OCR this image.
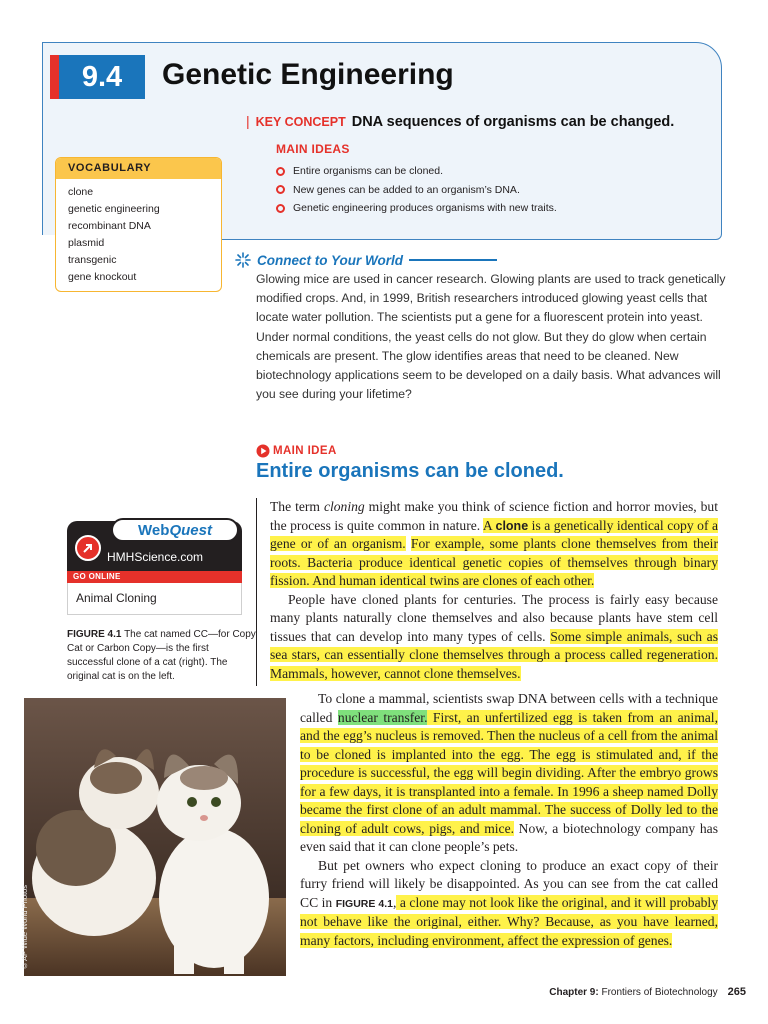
9.4	Genetic Engineering
| KEY CONCEPT DNA sequences of organisms can be changed.
MAIN IDEAS
Entire organisms can be cloned.
New genes can be added to an organism’s DNA.
Genetic engineering produces organisms with new traits.
VOCABULARY
clone
genetic engineering
recombinant DNA
plasmid
transgenic
gene knockout
Connect to Your World
Glowing mice are used in cancer research. Glowing plants are used to track genetically modified crops. And, in 1999, British researchers introduced glowing yeast cells that locate water pollution. The scientists put a gene for a fluorescent protein into yeast. Under normal conditions, the yeast cells do not glow. But they do glow when certain chemicals are present. The glow identifies areas that need to be cleaned. New biotechnology applications seem to be developed on a daily basis. What advances will you see during your lifetime?
MAIN IDEA
Entire organisms can be cloned.

The term cloning might make you think of science fiction and horror movies, but the process is quite common in nature. A clone is a genetically identical copy of a gene or of an organism. For example, some plants clone themselves from their roots. Bacteria produce identical genetic copies of themselves through binary fission. And human identical twins are clones of each other.

People have cloned plants for centuries. The process is fairly easy because many plants naturally clone themselves and also because plants have stem cell tissues that can develop into many types of cells. Some simple animals, such as sea stars, can essentially clone themselves through a process called regeneration. Mammals, however, cannot clone themselves.

To clone a mammal, scientists swap DNA between cells with a technique called nuclear transfer. First, an unfertilized egg is taken from an animal, and the egg’s nucleus is removed. Then the nucleus of a cell from the animal to be cloned is implanted into the egg. The egg is stimulated and, if the procedure is successful, the egg will begin dividing. After the embryo grows for a few days, it is transplanted into a female. In 1996 a sheep named Dolly became the first clone of an adult mammal. The success of Dolly led to the cloning of adult cows, pigs, and mice. Now, a biotechnology company has even said that it can clone people’s pets.

But pet owners who expect cloning to produce an exact copy of their furry friend will likely be disappointed. As you can see from the cat called CC in FIGURE 4.1, a clone may not look like the original, and it will probably not behave like the original, either. Why? Because, as you have learned, many factors, including environment, affect the expression of genes.

Web Quest
HMHScience.com
GO ONLINE
Animal Cloning
FIGURE 4.1 The cat named CC—for Copy Cat or Carbon Copy—is the first successful clone of a cat (right). The original cat is on the left.
©AP Wide World Photos
Chapter 9: Frontiers of Biotechnology 265
